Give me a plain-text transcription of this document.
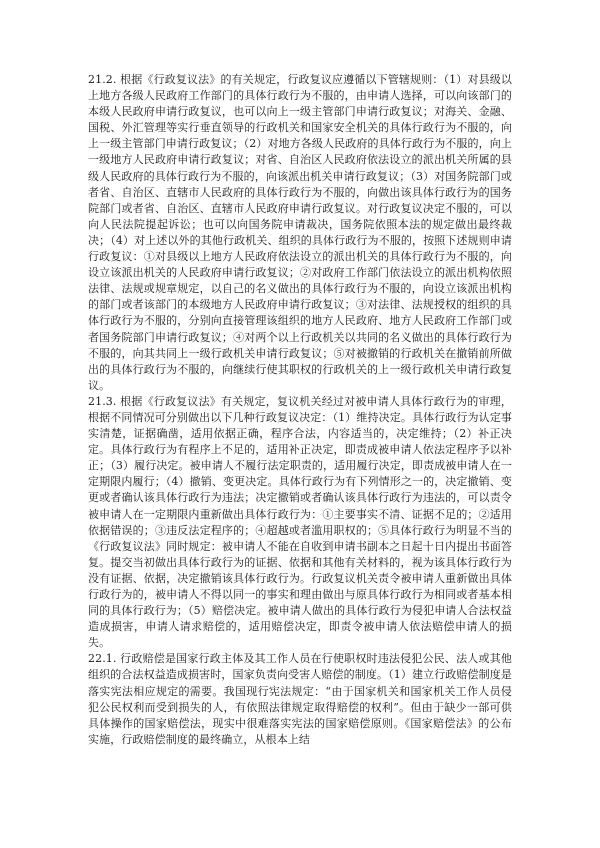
21.2. 根据《行政复议法》的有关规定，行政复议应遵循以下管辖规则：（1）对县级以上地方各级人民政府工作部门的具体行政行为不服的，由申请人选择，可以向该部门的本级人民政府申请行政复议，也可以向上一级主管部门申请行政复议；对海关、金融、国税、外汇管理等实行垂直领导的行政机关和国家安全机关的具体行政行为不服的，向上一级主管部门申请行政复议；（2）对地方各级人民政府的具体行政行为不服的，向上一级地方人民政府申请行政复议；对省、自治区人民政府依法设立的派出机关所属的县级人民政府的具体行政行为不服的，向该派出机关申请行政复议；（3）对国务院部门或者省、自治区、直辖市人民政府的具体行政行为不服的，向做出该具体行政行为的国务院部门或者省、自治区、直辖市人民政府申请行政复议。对行政复议决定不服的，可以向人民法院提起诉讼；也可以向国务院申请裁决，国务院依照本法的规定做出最终裁决；（4）对上述以外的其他行政机关、组织的具体行政行为不服的，按照下述规则申请行政复议：①对县级以上地方人民政府依法设立的派出机关的具体行政行为不服的，向设立该派出机关的人民政府申请行政复议；②对政府工作部门依法设立的派出机构依照法律、法规或规章规定，以自己的名义做出的具体行政行为不服的，向设立该派出机构的部门或者该部门的本级地方人民政府申请行政复议；③对法律、法规授权的组织的具体行政行为不服的，分别向直接管理该组织的地方人民政府、地方人民政府工作部门或者国务院部门申请行政复议；④对两个以上行政机关以共同的名义做出的具体行政行为不服的，向其共同上一级行政机关申请行政复议；⑤对被撤销的行政机关在撤销前所做出的具体行政行为不服的，向继续行使其职权的行政机关的上一级行政机关申请行政复议。

21.3. 根据《行政复议法》有关规定，复议机关经过对被申请人具体行政行为的审理，根据不同情况可分别做出以下几种行政复议决定：（1）维持决定。具体行政行为认定事实清楚，证据确凿，适用依据正确，程序合法，内容适当的，决定维持；（2）补正决定。具体行政行为有程序上不足的，适用补正决定，即责成被申请人依法定程序予以补正；（3）履行决定。被申请人不履行法定职责的，适用履行决定，即责成被申请人在一定期限内履行；（4）撤销、变更决定。具体行政行为有下列情形之一的，决定撤销、变更或者确认该具体行政行为违法；决定撤销或者确认该具体行政行为违法的，可以责令被申请人在一定期限内重新做出具体行政行为：①主要事实不清、证据不足的；②适用依据错误的；③违反法定程序的；④超越或者滥用职权的；⑤具体行政行为明显不当的《行政复议法》同时规定：被申请人不能在自收到申请书副本之日起十日内提出书面答复。提交当初做出具体行政行为的证据、依据和其他有关材料的，视为该具体行政行为没有证据、依据，决定撤销该具体行政行为。行政复议机关责令被申请人重新做出具体行政行为的，被申请人不得以同一的事实和理由做出与原具体行政行为相同或者基本相同的具体行政行为；（5）赔偿决定。被申请人做出的具体行政行为侵犯申请人合法权益造成损害，申请人请求赔偿的，适用赔偿决定，即责令被申请人依法赔偿申请人的损失。

22.1. 行政赔偿是国家行政主体及其工作人员在行使职权时违法侵犯公民、法人或其他组织的合法权益造成损害时，国家负责向受害人赔偿的制度。（1）建立行政赔偿制度是落实宪法相应规定的需要。我国现行宪法规定：“由于国家机关和国家机关工作人员侵犯公民权利而受到损失的人，有依照法律规定取得赔偿的权利”。但由于缺少一部可供具体操作的国家赔偿法，现实中很难落实宪法的国家赔偿原则。《国家赔偿法》的公布实施，行政赔偿制度的最终确立，从根本上结
